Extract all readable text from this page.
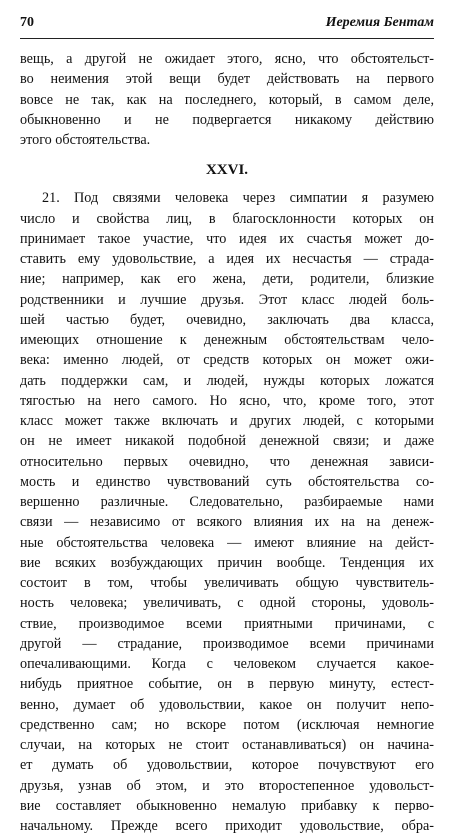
70	Иеремия Бентам
вещь, а другой не ожидает этого, ясно, что обстоятельст-
во неимения этой вещи будет действовать на первого
вовсе не так, как на последнего, который, в самом деле,
обыкновенно и не подвергается никакому действию
этого обстоятельства.
XXVI.
21. Под связями человека через симпатии я разумею
число и свойства лиц, в благосклонности которых он
принимает такое участие, что идея их счастья может до-
ставить ему удовольствие, а идея их несчастья — страда-
ние; например, как его жена, дети, родители, близкие
родственники и лучшие друзья. Этот класс людей боль-
шей частью будет, очевидно, заключать два класса,
имеющих отношение к денежным обстоятельствам чело-
века: именно людей, от средств которых он может ожи-
дать поддержки сам, и людей, нужды которых ложатся
тягостью на него самого. Но ясно, что, кроме того, этот
класс может также включать и других людей, с которыми
он не имеет никакой подобной денежной связи; и даже
относительно первых очевидно, что денежная зависи-
мость и единство чувствований суть обстоятельства со-
вершенно различные. Следовательно, разбираемые нами
связи — независимо от всякого влияния их на на денеж-
ные обстоятельства человека — имеют влияние на дейст-
вие всяких возбуждающих причин вообще. Тенденция их
состоит в том, чтобы увеличивать общую чувствитель-
ность человека; увеличивать, с одной стороны, удоволь-
ствие, производимое всеми приятными причинами, с
другой — страдание, производимое всеми причинами
опечаливающими. Когда с человеком случается какое-
нибудь приятное событие, он в первую минуту, естест-
венно, думает об удовольствии, какое он получит непо-
средственно сам; но вскоре потом (исключая немногие
случаи, на которых не стоит останавливаться) он начина-
ет думать об удовольствии, которое почувствуют его
друзья, узнав об этом, и это второстепенное удовольст-
вие составляет обыкновенно немалую прибавку к перво-
начальному. Прежде всего приходит удовольствие, обра-
